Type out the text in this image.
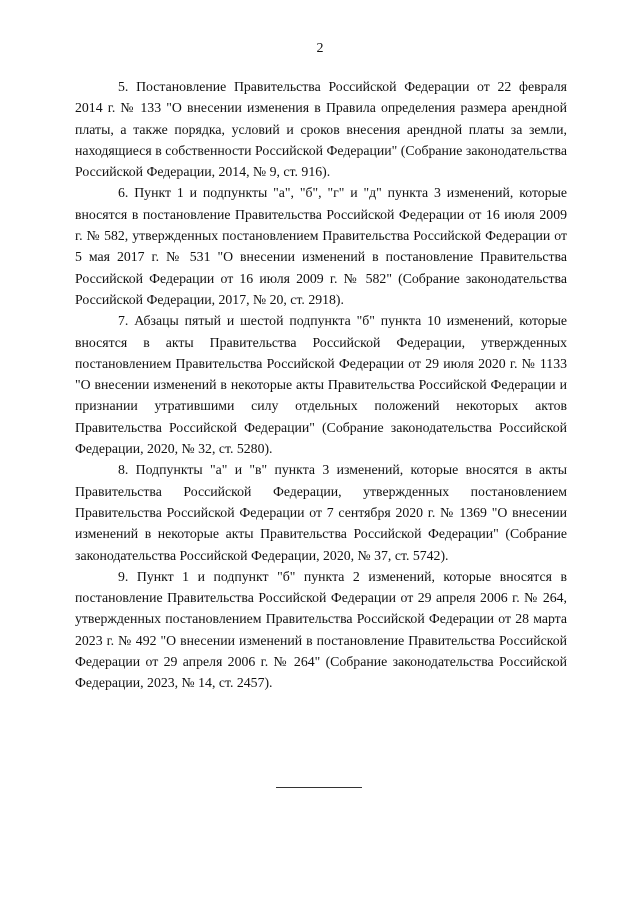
2

5. Постановление Правительства Российской Федерации от 22 февраля 2014 г. № 133 "О внесении изменения в Правила определения размера арендной платы, а также порядка, условий и сроков внесения арендной платы за земли, находящиеся в собственности Российской Федерации" (Собрание законодательства Российской Федерации, 2014, № 9, ст. 916).

6. Пункт 1 и подпункты "а", "б", "г" и "д" пункта 3 изменений, которые вносятся в постановление Правительства Российской Федерации от 16 июля 2009 г. № 582, утвержденных постановлением Правительства Российской Федерации от 5 мая 2017 г. № 531 "О внесении изменений в постановление Правительства Российской Федерации от 16 июля 2009 г. № 582" (Собрание законодательства Российской Федерации, 2017, № 20, ст. 2918).

7. Абзацы пятый и шестой подпункта "б" пункта 10 изменений, которые вносятся в акты Правительства Российской Федерации, утвержденных постановлением Правительства Российской Федерации от 29 июля 2020 г. № 1133 "О внесении изменений в некоторые акты Правительства Российской Федерации и признании утратившими силу отдельных положений некоторых актов Правительства Российской Федерации" (Собрание законодательства Российской Федерации, 2020, № 32, ст. 5280).

8. Подпункты "а" и "в" пункта 3 изменений, которые вносятся в акты Правительства Российской Федерации, утвержденных постановлением Правительства Российской Федерации от 7 сентября 2020 г. № 1369 "О внесении изменений в некоторые акты Правительства Российской Федерации" (Собрание законодательства Российской Федерации, 2020, № 37, ст. 5742).

9. Пункт 1 и подпункт "б" пункта 2 изменений, которые вносятся в постановление Правительства Российской Федерации от 29 апреля 2006 г. № 264, утвержденных постановлением Правительства Российской Федерации от 28 марта 2023 г. № 492 "О внесении изменений в постановление Правительства Российской Федерации от 29 апреля 2006 г. № 264" (Собрание законодательства Российской Федерации, 2023, № 14, ст. 2457).
